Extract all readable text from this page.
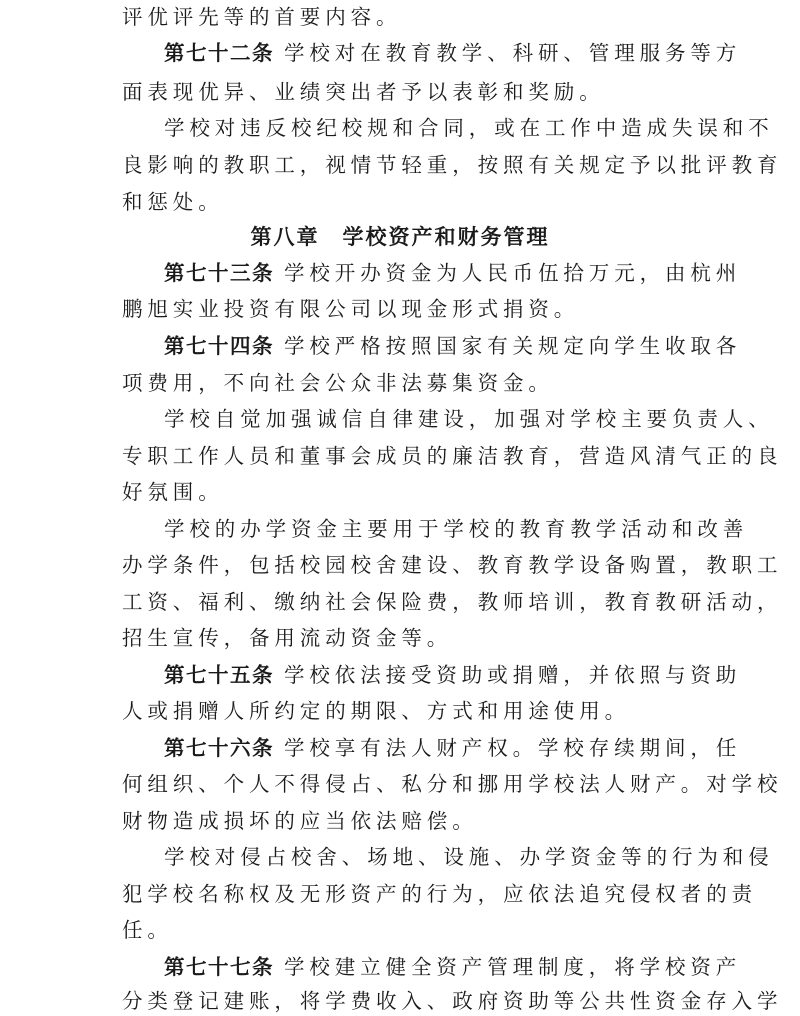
评优评先等的首要内容。
第七十二条 学校对在教育教学、科研、管理服务等方
面表现优异、业绩突出者予以表彰和奖励。
学校对违反校纪校规和合同，或在工作中造成失误和不
良影响的教职工，视情节轻重，按照有关规定予以批评教育
和惩处。
第八章　学校资产和财务管理
第七十三条 学校开办资金为人民币伍拾万元，由杭州
鹏旭实业投资有限公司以现金形式捐资。
第七十四条 学校严格按照国家有关规定向学生收取各
项费用，不向社会公众非法募集资金。
学校自觉加强诚信自律建设，加强对学校主要负责人、
专职工作人员和董事会成员的廉洁教育，营造风清气正的良
好氛围。
学校的办学资金主要用于学校的教育教学活动和改善
办学条件，包括校园校舍建设、教育教学设备购置，教职工
工资、福利、缴纳社会保险费，教师培训，教育教研活动，
招生宣传，备用流动资金等。
第七十五条 学校依法接受资助或捐赠，并依照与资助
人或捐赠人所约定的期限、方式和用途使用。
第七十六条 学校享有法人财产权。学校存续期间，任
何组织、个人不得侵占、私分和挪用学校法人财产。对学校
财物造成损坏的应当依法赔偿。
学校对侵占校舍、场地、设施、办学资金等的行为和侵
犯学校名称权及无形资产的行为，应依法追究侵权者的责
任。
第七十七条 学校建立健全资产管理制度，将学校资产
分类登记建账，将学费收入、政府资助等公共性资金存入学
